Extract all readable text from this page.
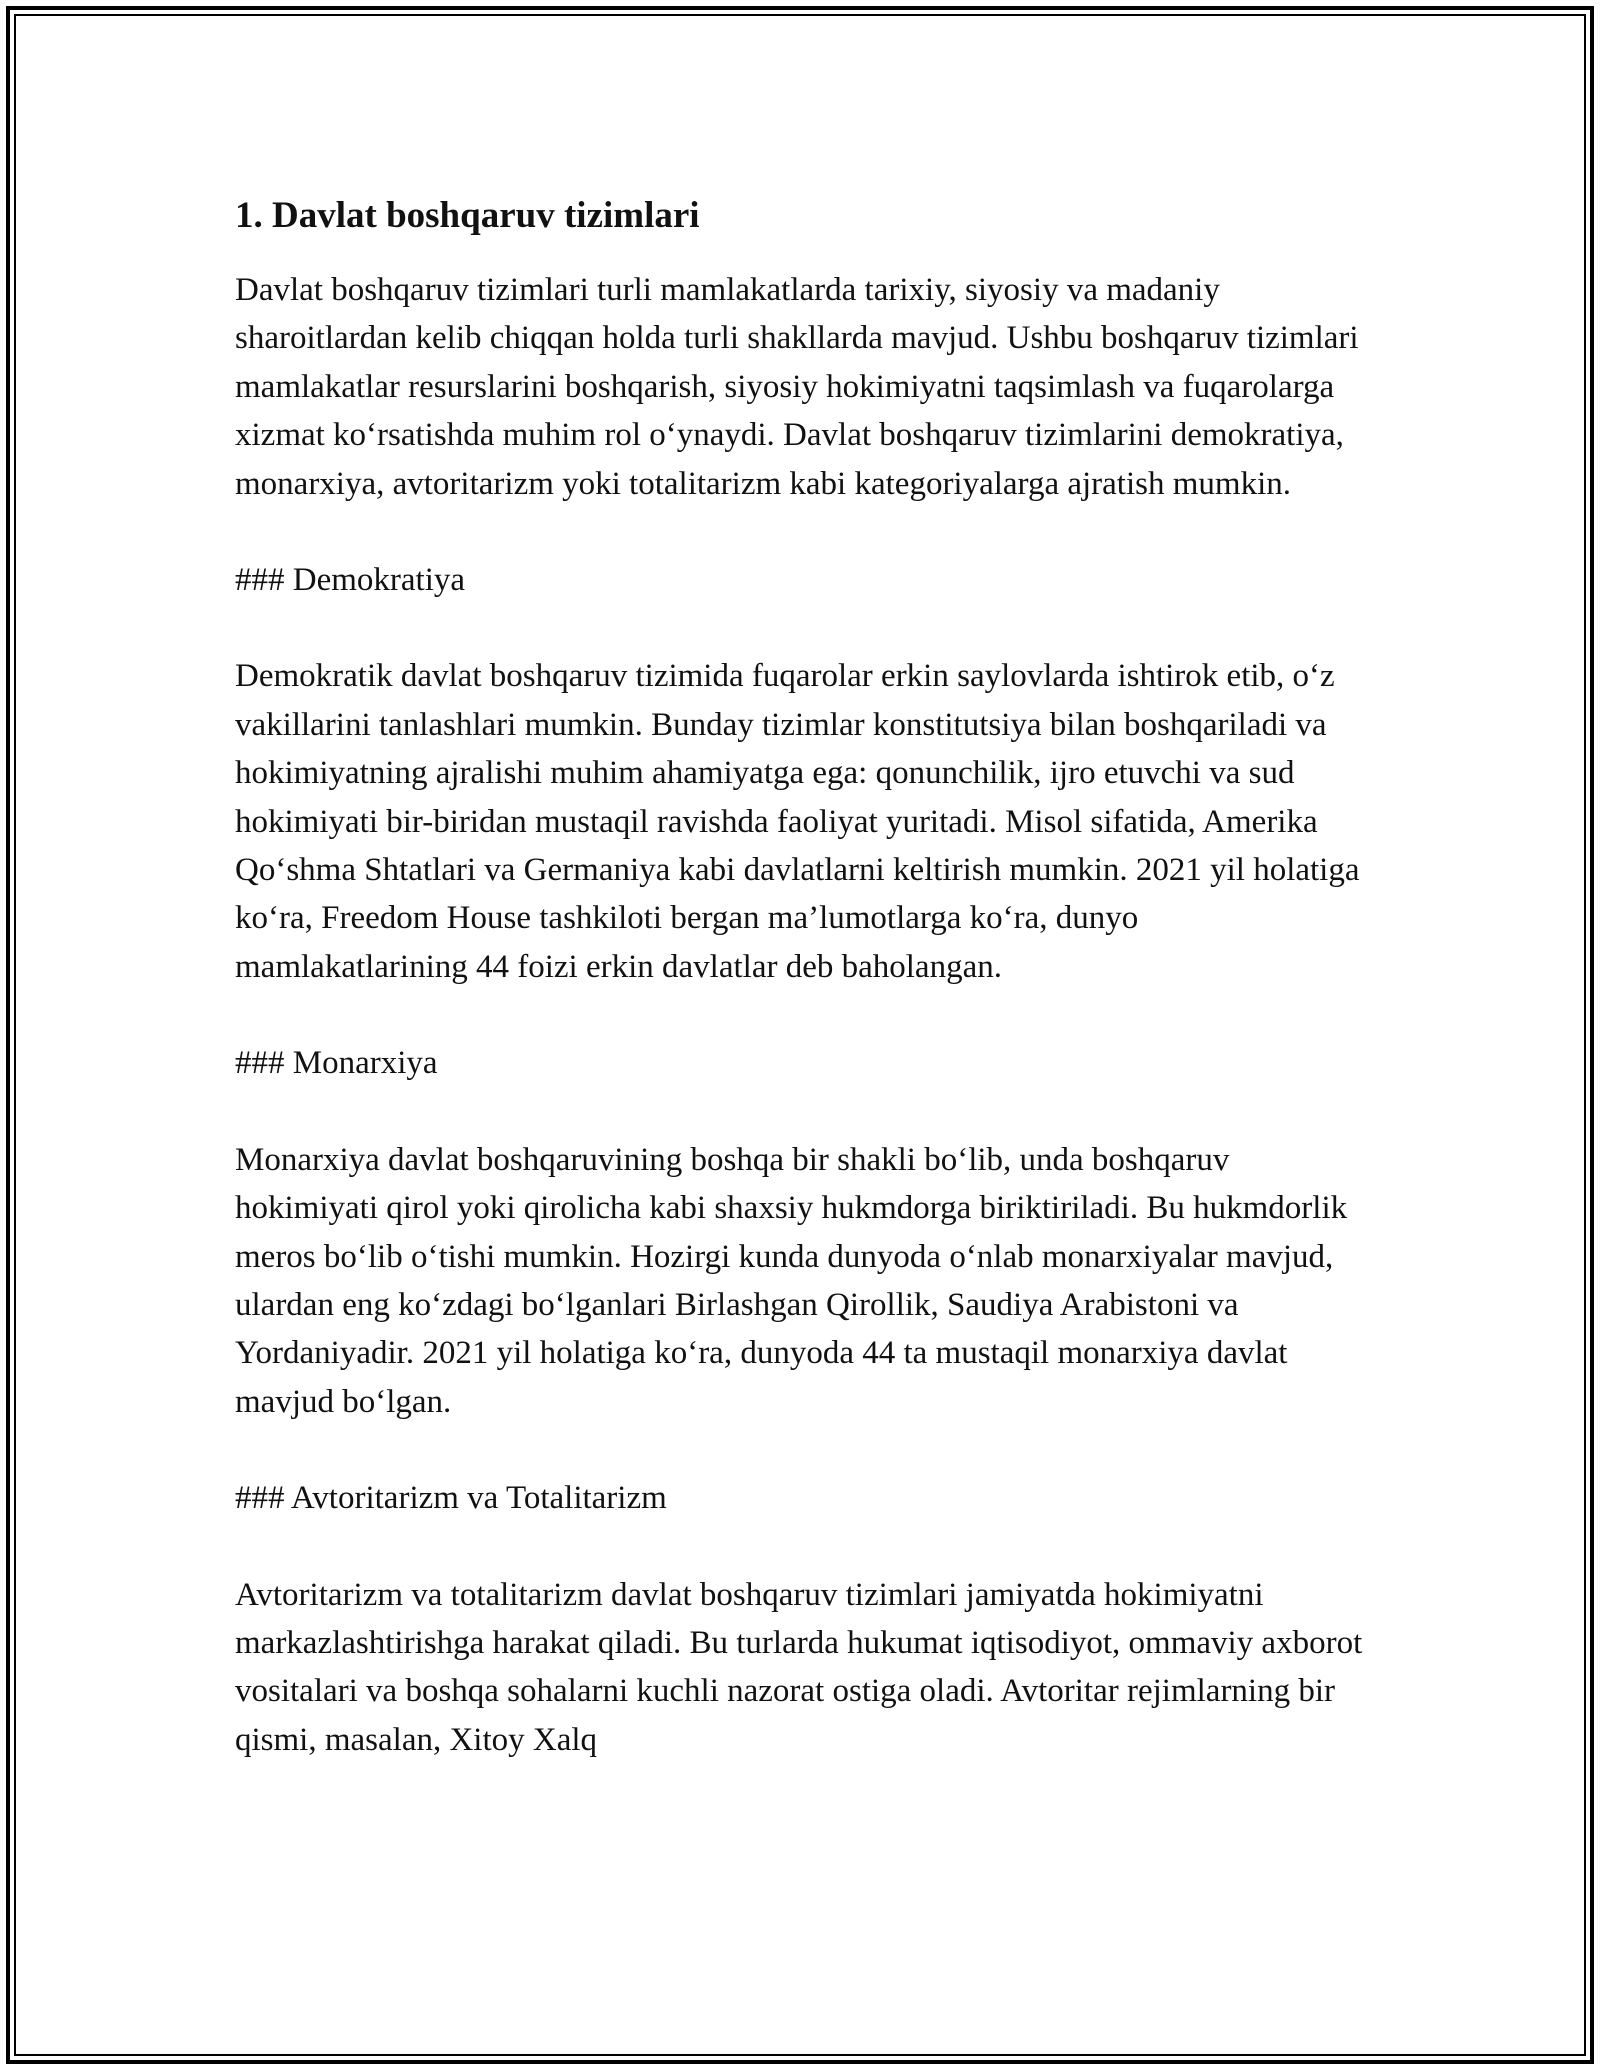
1. Davlat boshqaruv tizimlari

Davlat boshqaruv tizimlari turli mamlakatlarda tarixiy, siyosiy va madaniy sharoitlardan kelib chiqqan holda turli shakllarda mavjud. Ushbu boshqaruv tizimlari mamlakatlar resurslarini boshqarish, siyosiy hokimiyatni taqsimlash va fuqarolarga xizmat ko‘rsatishda muhim rol o‘ynaydi. Davlat boshqaruv tizimlarini demokratiya, monarxiya, avtoritarizm yoki totalitarizm kabi kategoriyalarga ajratish mumkin.

### Demokratiya

Demokratik davlat boshqaruv tizimida fuqarolar erkin saylovlarda ishtirok etib, o‘z vakillarini tanlashlari mumkin. Bunday tizimlar konstitutsiya bilan boshqariladi va hokimiyatning ajralishi muhim ahamiyatga ega: qonunchilik, ijro etuvchi va sud hokimiyati bir-biridan mustaqil ravishda faoliyat yuritadi. Misol sifatida, Amerika Qo‘shma Shtatlari va Germaniya kabi davlatlarni keltirish mumkin. 2021 yil holatiga ko‘ra, Freedom House tashkiloti bergan ma’lumotlarga ko‘ra, dunyo mamlakatlarining 44 foizi erkin davlatlar deb baholangan.

### Monarxiya

Monarxiya davlat boshqaruvining boshqa bir shakli bo‘lib, unda boshqaruv hokimiyati qirol yoki qirolicha kabi shaxsiy hukmdorga biriktiriladi. Bu hukmdorlik meros bo‘lib o‘tishi mumkin. Hozirgi kunda dunyoda o‘nlab monarxiyalar mavjud, ulardan eng ko‘zdagi bo‘lganlari Birlashgan Qirollik, Saudiya Arabistoni va Yordaniyadir. 2021 yil holatiga ko‘ra, dunyoda 44 ta mustaqil monarxiya davlat mavjud bo‘lgan.

### Avtoritarizm va Totalitarizm

Avtoritarizm va totalitarizm davlat boshqaruv tizimlari jamiyatda hokimiyatni markazlashtirishga harakat qiladi. Bu turlarda hukumat iqtisodiyot, ommaviy axborot vositalari va boshqa sohalarni kuchli nazorat ostiga oladi. Avtoritar rejimlarning bir qismi, masalan, Xitoy Xalq
